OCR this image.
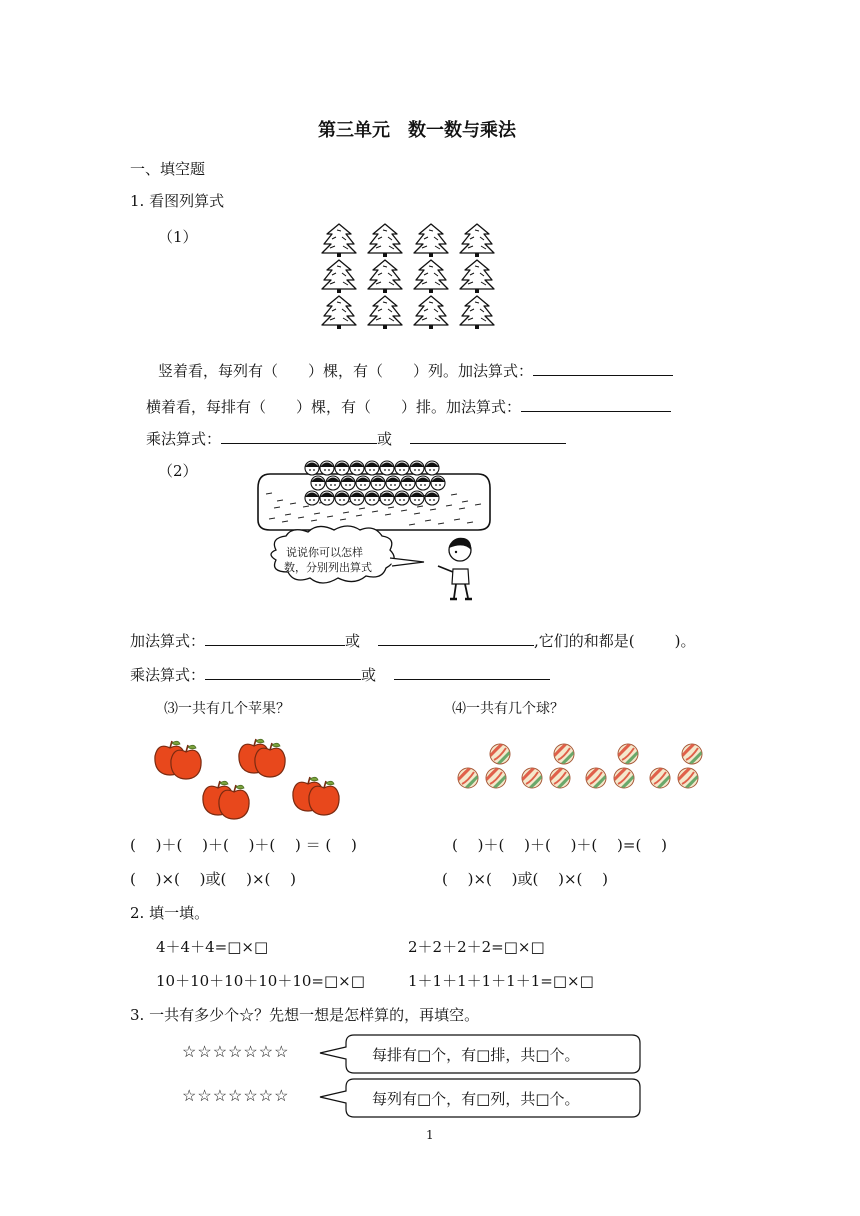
第三单元　数一数与乘法
一、填空题
1. 看图列算式
（1）
竖着看，每列有（ ）棵，有（ ）列。加法算式：
横着看，每排有（ ）棵，有（ ）排。加法算式：
乘法算式：	或
（2）
说说你可以怎样
数，分别列出算式
加法算式：	或	,它们的和都是(	)。
乘法算式：	或
⑶一共有几个苹果？	⑷一共有几个球？
(　 )＋(　 )＋(　 )＋(　 ) ＝ (　 )	(　 )＋(　 )＋(　 )＋(　 )=(　 )
(　 )×(　 )或(　 )×(　 )	(　 )×(　 )或(　 )×(　 )
2. 填一填。
4＋4＋4=□×□	2＋2＋2＋2=□×□
10＋10＋10＋10＋10=□×□	1＋1＋1＋1＋1＋1=□×□
3. 一共有多少个☆？先想一想是怎样算的，再填空。
☆☆☆☆☆☆☆
☆☆☆☆☆☆☆
每排有□个，有□排，共□个。
每列有□个，有□列，共□个。
1
